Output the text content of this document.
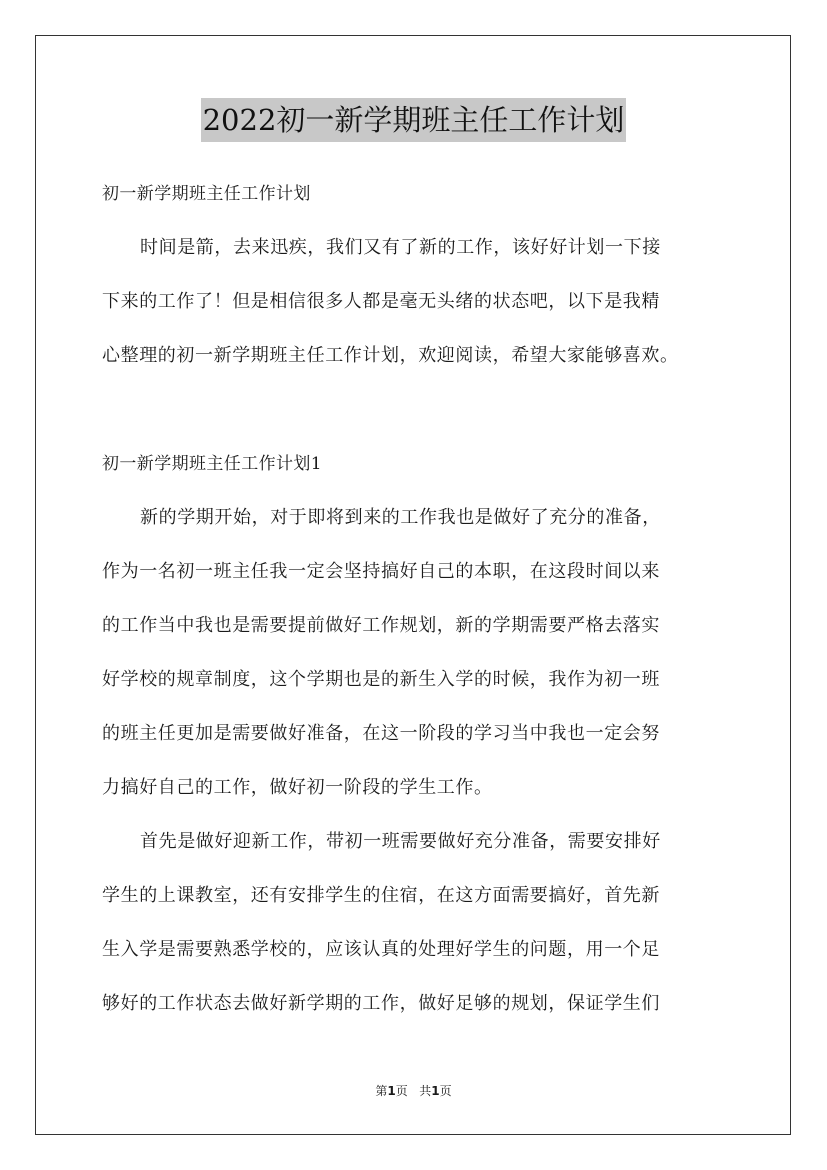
2022初一新学期班主任工作计划
初一新学期班主任工作计划
时间是箭，去来迅疾，我们又有了新的工作，该好好计划一下接
下来的工作了！但是相信很多人都是毫无头绪的状态吧，以下是我精
心整理的初一新学期班主任工作计划，欢迎阅读，希望大家能够喜欢。
初一新学期班主任工作计划1
新的学期开始，对于即将到来的工作我也是做好了充分的准备，
作为一名初一班主任我一定会坚持搞好自己的本职，在这段时间以来
的工作当中我也是需要提前做好工作规划，新的学期需要严格去落实
好学校的规章制度，这个学期也是的新生入学的时候，我作为初一班
的班主任更加是需要做好准备，在这一阶段的学习当中我也一定会努
力搞好自己的工作，做好初一阶段的学生工作。
首先是做好迎新工作，带初一班需要做好充分准备，需要安排好
学生的上课教室，还有安排学生的住宿，在这方面需要搞好，首先新
生入学是需要熟悉学校的，应该认真的处理好学生的问题，用一个足
够好的工作状态去做好新学期的工作，做好足够的规划，保证学生们
第1页 共1页
